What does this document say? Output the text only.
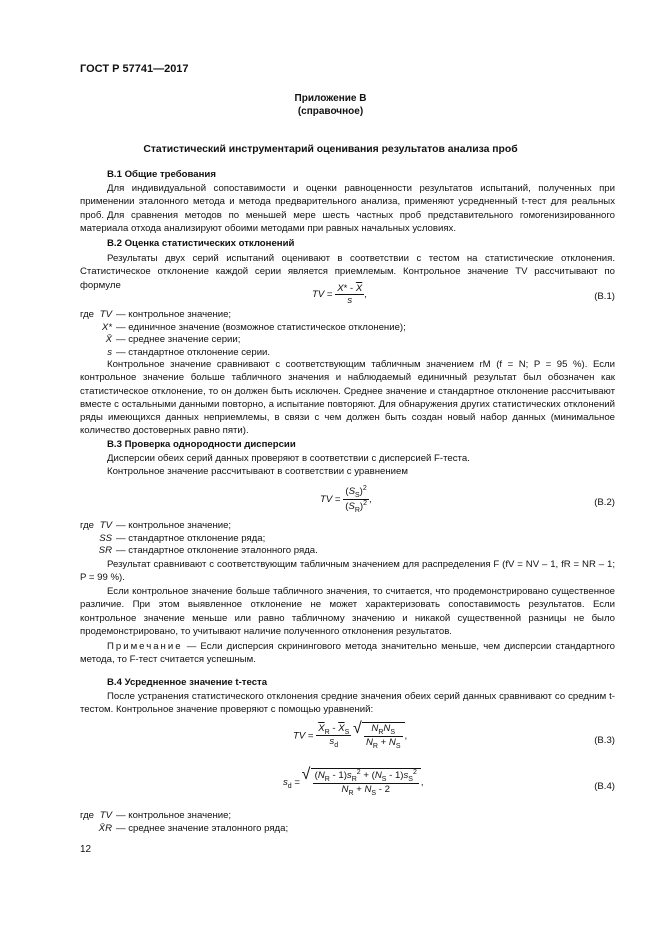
ГОСТ Р 57741—2017
Приложение В
(справочное)
Статистический инструментарий оценивания результатов анализа проб
В.1 Общие требования
Для индивидуальной сопоставимости и оценки равноценности результатов испытаний, полученных при применении эталонного метода и метода предварительного анализа, применяют усредненный t-тест для реальных проб. Для сравнения методов по меньшей мере шесть частных проб представительного гомогенизированного материала отхода анализируют обоими методами при равных начальных условиях.
В.2 Оценка статистических отклонений
Результаты двух серий испытаний оценивают в соответствии с тестом на статистические отклонения. Статистическое отклонение каждой серии является приемлемым. Контрольное значение TV рассчитывают по формуле
TV = $\frac{X* - \overline{X}}{s}$ ,	(В.1)
где TV — контрольное значение;
X* — единичное значение (возможное статистическое отклонение);
X̄ — среднее значение серии;
s — стандартное отклонение серии.
Контрольное значение сравнивают с соответствующим табличным значением rM (f = N; P = 95 %). Если контрольное значение больше табличного значения и наблюдаемый единичный результат был обозначен как статистическое отклонение, то он должен быть исключен. Среднее значение и стандартное отклонение рассчитывают вместе с остальными данными повторно, а испытание повторяют. Для обнаружения других статистических отклонений ряды имеющихся данных неприемлемы, в связи с чем должен быть создан новый набор данных (минимальное количество достоверных равно пяти).
В.3 Проверка однородности дисперсии
Дисперсии обеих серий данных проверяют в соответствии с дисперсией F-теста.
Контрольное значение рассчитывают в соответствии с уравнением
TV = $\frac{(S_S)^2}{(S_R)^2}$ ,	(В.2)
где TV — контрольное значение;
SS — стандартное отклонение ряда;
SR — стандартное отклонение эталонного ряда.
Результат сравнивают с соответствующим табличным значением для распределения F (fV = NV – 1, fR = NR – 1; P = 99 %).
Если контрольное значение больше табличного значения, то считается, что продемонстрировано существенное различие. При этом выявленное отклонение не может характеризовать сопоставимость результатов. Если контрольное значение меньше или равно табличному значению и никакой существенной разницы не было продемонстрировано, то учитывают наличие полученного отклонения результатов.
Примечание — Если дисперсия скринингового метода значительно меньше, чем дисперсии стандартного метода, то F-тест считается успешным.
В.4 Усредненное значение t-теста
После устранения статистического отклонения средние значения обеих серий данных сравнивают со средним t-тестом. Контрольное значение проверяют с помощью уравнений:
TV = $\frac{\overline{X}_R - \overline{X}_S}{s_d}$
√ $\frac{N_RN_S}{N_R + N_S}$ ,	(В.3)
$s_d$ = √ $\frac{(N_R - 1)s_R^2 + (N_S - 1)s_S^2}{N_R + N_S - 2}$ ,	(В.4)
где TV — контрольное значение;
X̄R — среднее значение эталонного ряда;
12
